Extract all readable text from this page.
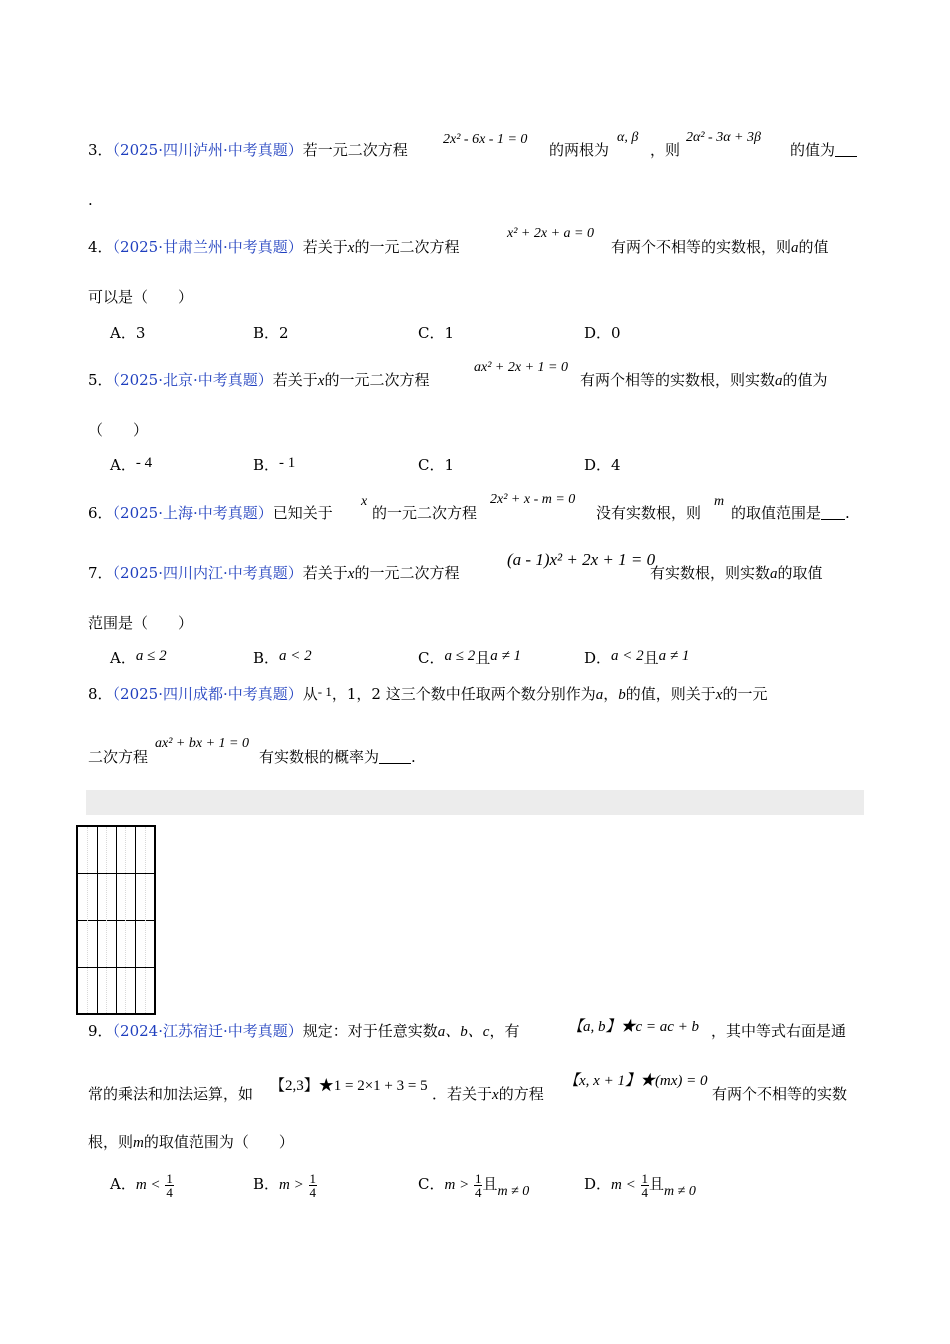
3．（2025·四川泸州·中考真题）若一元二次方程
2x² - 6x - 1 = 0
的两根为
α, β
，则
2α² - 3α + 3β
的值为
.
4．（2025·甘肃兰州·中考真题）若关于x的一元二次方程
x² + 2x + a = 0
有两个不相等的实数根，则a的值
可以是（　　）
A．3	B．2	C．1	D．0
5．（2025·北京·中考真题）若关于x的一元二次方程
ax² + 2x + 1 = 0
有两个相等的实数根，则实数a的值为
（　　）
A．- 4	B．- 1	C．1	D．4
6．（2025·上海·中考真题）已知关于
x
的一元二次方程
2x² + x - m = 0
没有实数根，则
m
的取值范围是 .
7．（2025·四川内江·中考真题）若关于x的一元二次方程
(a - 1)x² + 2x + 1 = 0
有实数根，则实数a的取值
范围是（　　）
A．a ≤ 2	B．a < 2	C．a ≤ 2且a ≠ 1	D．a < 2且a ≠ 1
8．（2025·四川成都·中考真题）从- 1，1，2 这三个数中任取两个数分别作为a，b的值，则关于x的一元
二次方程
ax² + bx + 1 = 0
有实数根的概率为 .
9．（2024·江苏宿迁·中考真题）规定：对于任意实数a、b、c，有	【a, b】★c = ac + b ，其中等式右面是通
常的乘法和加法运算，如 【2,3】★1 = 2×1 + 3 = 5 ．若关于x的方程
【x, x + 1】★(mx) = 0
有两个不相等的实数
根，则m的取值范围为（　　）
A．$m < \frac{1}{4}$	B．$m > \frac{1}{4}$	C．$m > \frac{1}{4}$ 且m ≠ 0	D．$m < \frac{1}{4}$ 且m ≠ 0
